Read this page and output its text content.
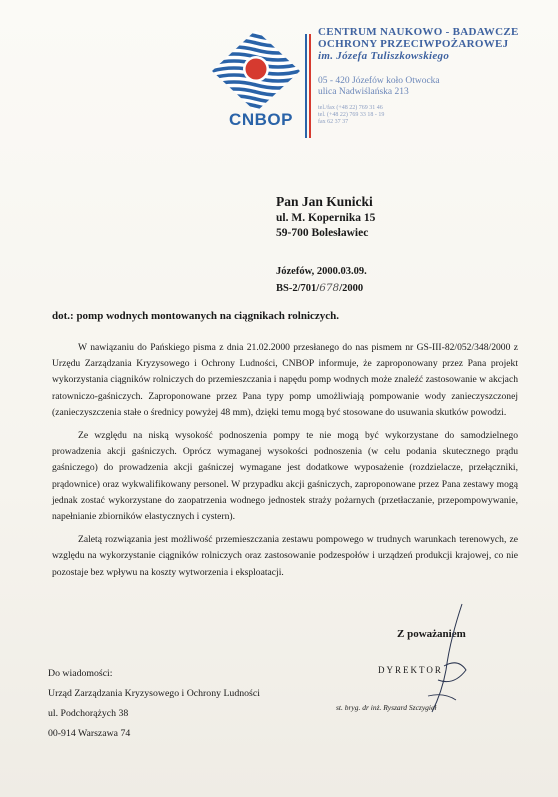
CNBOP
CENTRUM NAUKOWO - BADAWCZE
OCHRONY PRZECIWPOŻAROWEJ
im. Józefa Tuliszkowskiego
05 - 420 Józefów koło Otwocka
ulica Nadwiślańska 213
tel./fax (+48 22) 769 31 46
tel. (+48 22) 769 33 18 - 19
fax 62 37 37
Pan Jan Kunicki
ul. M. Kopernika 15
59-700 Bolesławiec
Józefów, 2000.03.09.
BS-2/701/678/2000
dot.: pomp wodnych montowanych na ciągnikach rolniczych.

W nawiązaniu do Pańskiego pisma z dnia 21.02.2000 przesłanego do nas pismem nr GS-III-82/052/348/2000 z Urzędu Zarządzania Kryzysowego i Ochrony Ludności, CNBOP informuje, że zaproponowany przez Pana projekt wykorzystania ciągników rolniczych do przemieszczania i napędu pomp wodnych może znaleźć zastosowanie w akcjach ratowniczo-gaśniczych. Zaproponowane przez Pana typy pomp umożliwiają pompowanie wody zanieczyszczonej (zanieczyszczenia stałe o średnicy powyżej 48 mm), dzięki temu mogą być stosowane do usuwania skutków powodzi.

Ze względu na niską wysokość podnoszenia pompy te nie mogą być wykorzystane do samodzielnego prowadzenia akcji gaśniczych. Oprócz wymaganej wysokości podnoszenia (w celu podania skutecznego prądu gaśniczego) do prowadzenia akcji gaśniczej wymagane jest dodatkowe wyposażenie (rozdzielacze, przełączniki, prądownice) oraz wykwalifikowany personel. W przypadku akcji gaśniczych, zaproponowane przez Pana zestawy mogą jednak zostać wykorzystane do zaopatrzenia wodnego jednostek straży pożarnych (przetłaczanie, przepompowywanie, napełnianie zbiorników elastycznych i cystern).

Zaletą rozwiązania jest możliwość przemieszczania zestawu pompowego w trudnych warunkach terenowych, ze względu na wykorzystanie ciągników rolniczych oraz zastosowanie podzespołów i urządzeń produkcji krajowej, co nie pozostaje bez wpływu na koszty wytworzenia i eksploatacji.

Z poważaniem
DYREKTOR
st. bryg. dr inż. Ryszard Szczygieł
Do wiadomości:
Urząd Zarządzania Kryzysowego i Ochrony Ludności
ul. Podchorążych 38
00-914 Warszawa 74
